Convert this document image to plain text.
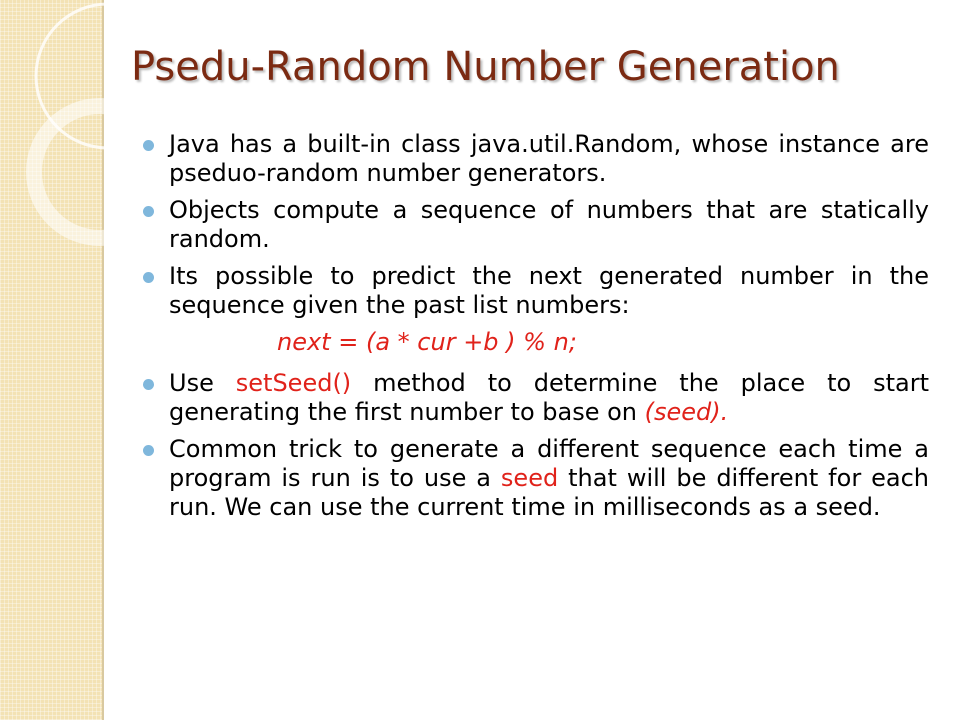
Psedu-Random Number Generation
Java has a built-in class java.util.Random, whose instance are pseduo-random number generators.
Objects compute a sequence of numbers that are statically random.
Its possible to predict the next generated number in the sequence given the past list numbers:
next = (a * cur +b ) % n;
Use setSeed() method to determine the place to start generating the first number to base on (seed).
Common trick to generate a different sequence each time a program is run is to use a seed that will be different for each run. We can use the current time in milliseconds as a seed.
